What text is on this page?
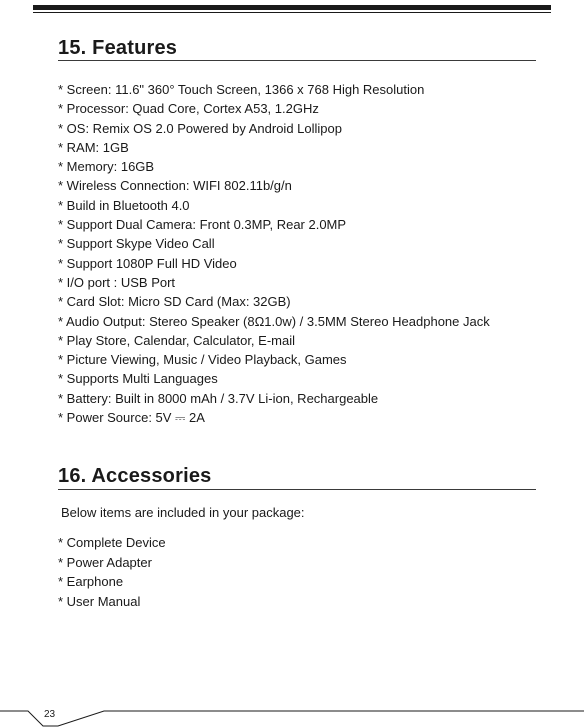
15. Features
* Screen: 11.6" 360° Touch Screen, 1366 x 768 High Resolution
* Processor: Quad Core, Cortex A53, 1.2GHz
* OS: Remix OS 2.0 Powered by Android Lollipop
* RAM: 1GB
* Memory: 16GB
* Wireless Connection: WIFI 802.11b/g/n
* Build in Bluetooth 4.0
* Support Dual Camera: Front 0.3MP, Rear 2.0MP
* Support Skype Video Call
* Support 1080P Full HD Video
* I/O port : USB Port
* Card Slot: Micro SD Card (Max: 32GB)
* Audio Output: Stereo Speaker (8Ω1.0w) / 3.5MM Stereo Headphone Jack
* Play Store, Calendar, Calculator, E-mail
* Picture Viewing, Music / Video Playback, Games
* Supports Multi Languages
* Battery: Built in 8000 mAh / 3.7V Li-ion, Rechargeable
* Power Source: 5V ⎓ 2A
16. Accessories

Below items are included in your package:

* Complete Device
* Power Adapter
* Earphone
* User Manual
23
